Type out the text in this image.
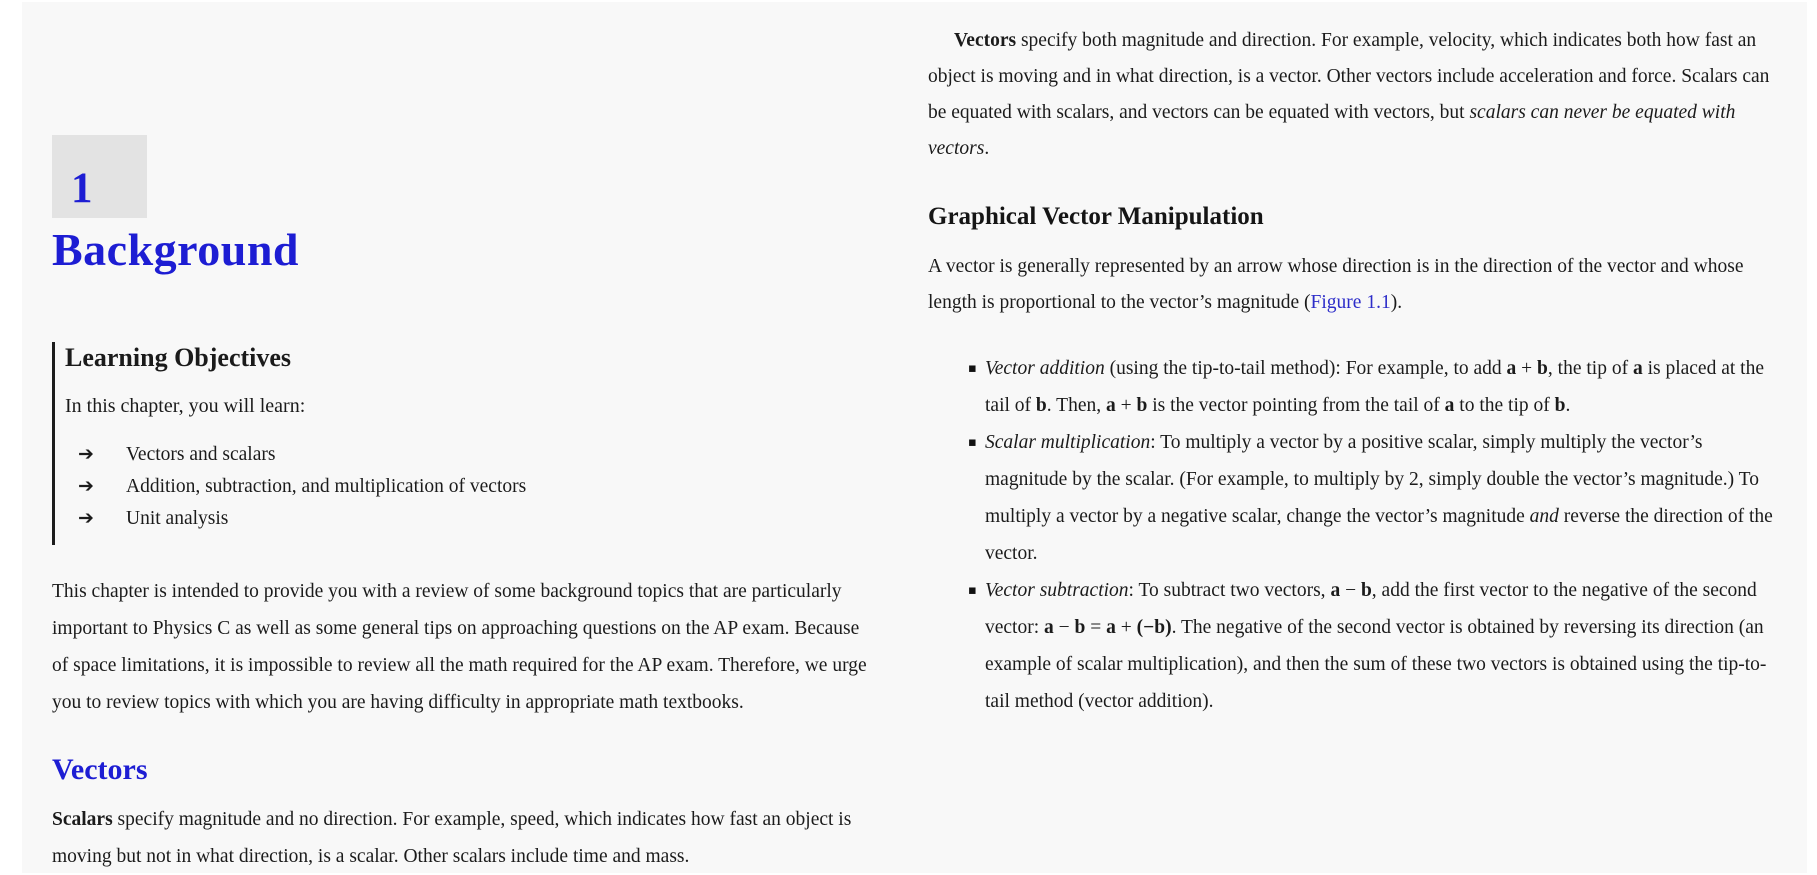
1
Background
Learning Objectives
In this chapter, you will learn:
➔	Vectors and scalars
➔	Addition, subtraction, and multiplication of vectors
➔	Unit analysis
This chapter is intended to provide you with a review of some background topics that are particularly important to Physics C as well as some general tips on approaching questions on the AP exam. Because of space limitations, it is impossible to review all the math required for the AP exam. Therefore, we urge you to review topics with which you are having difficulty in appropriate math textbooks.
Vectors
Scalars specify magnitude and no direction. For example, speed, which indicates how fast an object is moving but not in what direction, is a scalar. Other scalars include time and mass.
Vectors specify both magnitude and direction. For example, velocity, which indicates both how fast an object is moving and in what direction, is a vector. Other vectors include acceleration and force. Scalars can be equated with scalars, and vectors can be equated with vectors, but scalars can never be equated with vectors.
Graphical Vector Manipulation
A vector is generally represented by an arrow whose direction is in the direction of the vector and whose length is proportional to the vector’s magnitude (Figure 1.1).
▪ Vector addition (using the tip-to-tail method): For example, to add a + b, the tip of a is placed at the tail of b. Then, a + b is the vector pointing from the tail of a to the tip of b.
▪ Scalar multiplication: To multiply a vector by a positive scalar, simply multiply the vector’s magnitude by the scalar. (For example, to multiply by 2, simply double the vector’s magnitude.) To multiply a vector by a negative scalar, change the vector’s magnitude and reverse the direction of the vector.
▪ Vector subtraction: To subtract two vectors, a − b, add the first vector to the negative of the second vector: a − b = a + (−b). The negative of the second vector is obtained by reversing its direction (an example of scalar multiplication), and then the sum of these two vectors is obtained using the tip-to-tail method (vector addition).
